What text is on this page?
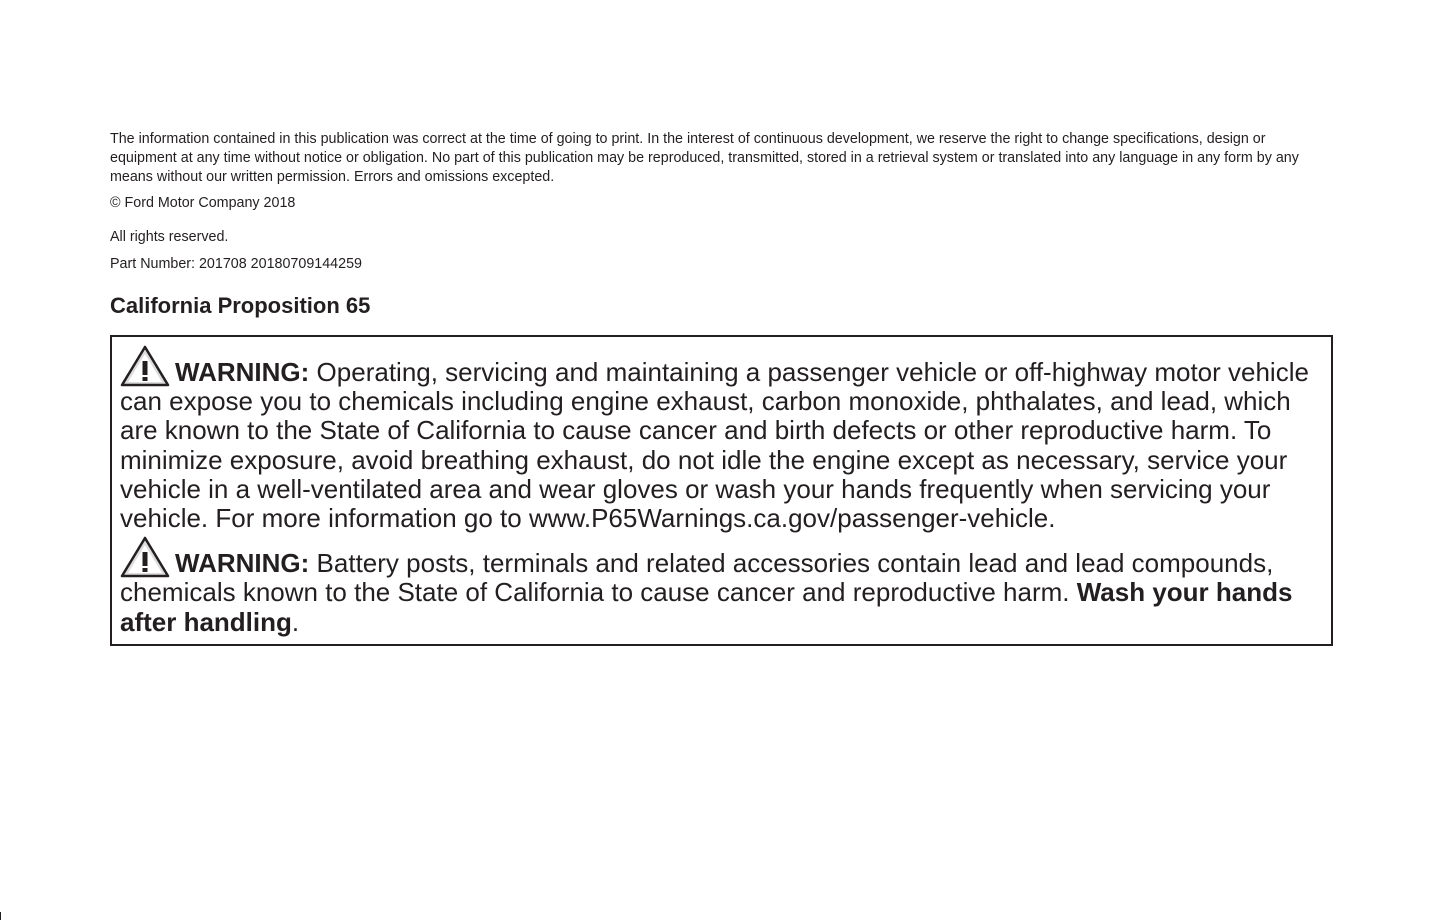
The information contained in this publication was correct at the time of going to print. In the interest of continuous development, we reserve the right to change specifications, design or equipment at any time without notice or obligation. No part of this publication may be reproduced, transmitted, stored in a retrieval system or translated into any language in any form by any means without our written permission. Errors and omissions excepted.

© Ford Motor Company 2018

All rights reserved.

Part Number: 201708 20180709144259

California Proposition 65

WARNING: Operating, servicing and maintaining a passenger vehicle or off-highway motor vehicle can expose you to chemicals including engine exhaust, carbon monoxide, phthalates, and lead, which are known to the State of California to cause cancer and birth defects or other reproductive harm. To minimize exposure, avoid breathing exhaust, do not idle the engine except as necessary, service your vehicle in a well-ventilated area and wear gloves or wash your hands frequently when servicing your vehicle. For more information go to www.P65Warnings.ca.gov/passenger-vehicle.

WARNING: Battery posts, terminals and related accessories contain lead and lead compounds, chemicals known to the State of California to cause cancer and reproductive harm. Wash your hands after handling.
